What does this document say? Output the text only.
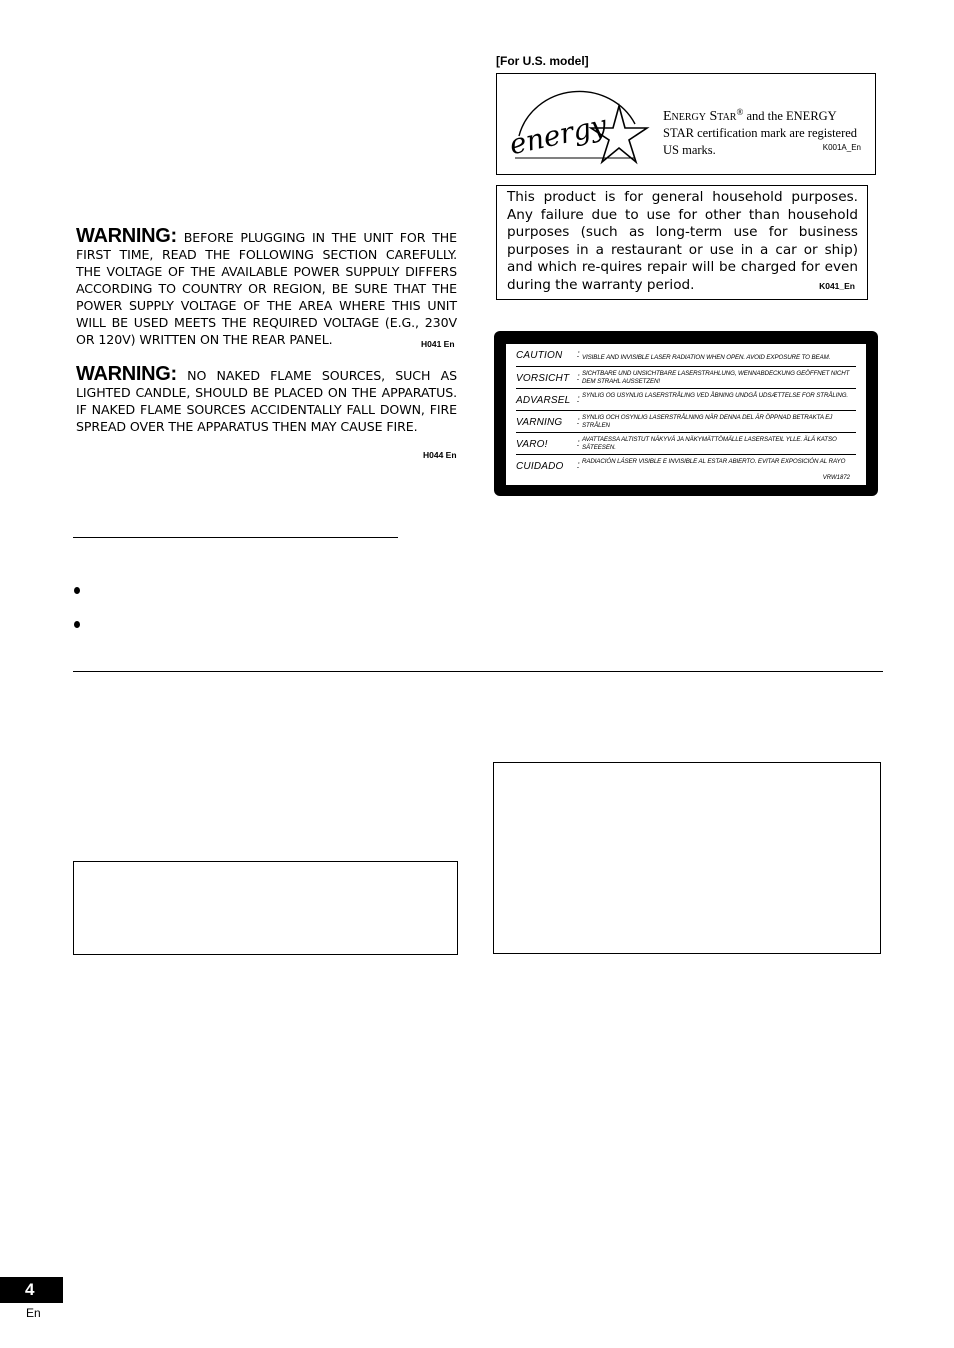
WARNING: BEFORE PLUGGING IN THE UNIT FOR THE FIRST TIME, READ THE FOLLOWING SECTION CAREFULLY. THE VOLTAGE OF THE AVAILABLE POWER SUPPULY DIFFERS ACCORDING TO COUNTRY OR REGION, BE SURE THAT THE POWER SUPPLY VOLTAGE OF THE AREA WHERE THIS UNIT WILL BE USED MEETS THE REQUIRED VOLTAGE (E.G., 230V OR 120V) WRITTEN ON THE REAR PANEL.	H041 En
WARNING: NO NAKED FLAME SOURCES, SUCH AS LIGHTED CANDLE, SHOULD BE PLACED ON THE APPARATUS. IF NAKED FLAME SOURCES ACCIDENTALLY FALL DOWN, FIRE SPREAD OVER THE APPARATUS THEN MAY CAUSE FIRE.
H044 En
[For U.S. model]
energy	Energy Star® and the ENERGY
STAR certification mark are registered
US marks.	K001A_En
This product is for general household purposes. Any failure due to use for other than household purposes (such as long-term use for business purposes in a restaurant or use in a car or ship) and which re-quires repair will be charged for even during the warranty period.	K041_En
CAUTION : VISIBLE AND INVISIBLE LASER RADIATION WHEN OPEN. AVOID EXPOSURE TO BEAM.
VORSICHT : SICHTBARE UND UNSICHTBARE LASERSTRAHLUNG, WENNABDECKUNG GEÖFFNET NICHT DEM STRAHL AUSSETZEN!
ADVARSEL : SYNLIG OG USYNLIG LASERSTRÅLING VED ÅBNING UNDGÅ UDSÆTTELSE FOR STRÅLING.
VARNING : SYNLIG OCH OSYNLIG LASERSTRÅLNING NÄR DENNA DEL ÄR ÖPPNAD BETRAKTA EJ STRÅLEN
VARO!	: AVATTAESSA ALTISTUT NÄKYVÄ JA NÄKYMÄTTÖMÄLLE LASERSATEIL YLLE. ÄLÄ KATSO SÄTEESEN.
CUIDADO : RADIACIÓN LÁSER VISIBLE E INVISIBLE AL ESTAR ABIERTO. EVITAR EXPOSICIÓN AL RAYO
VRW1872
4
En
